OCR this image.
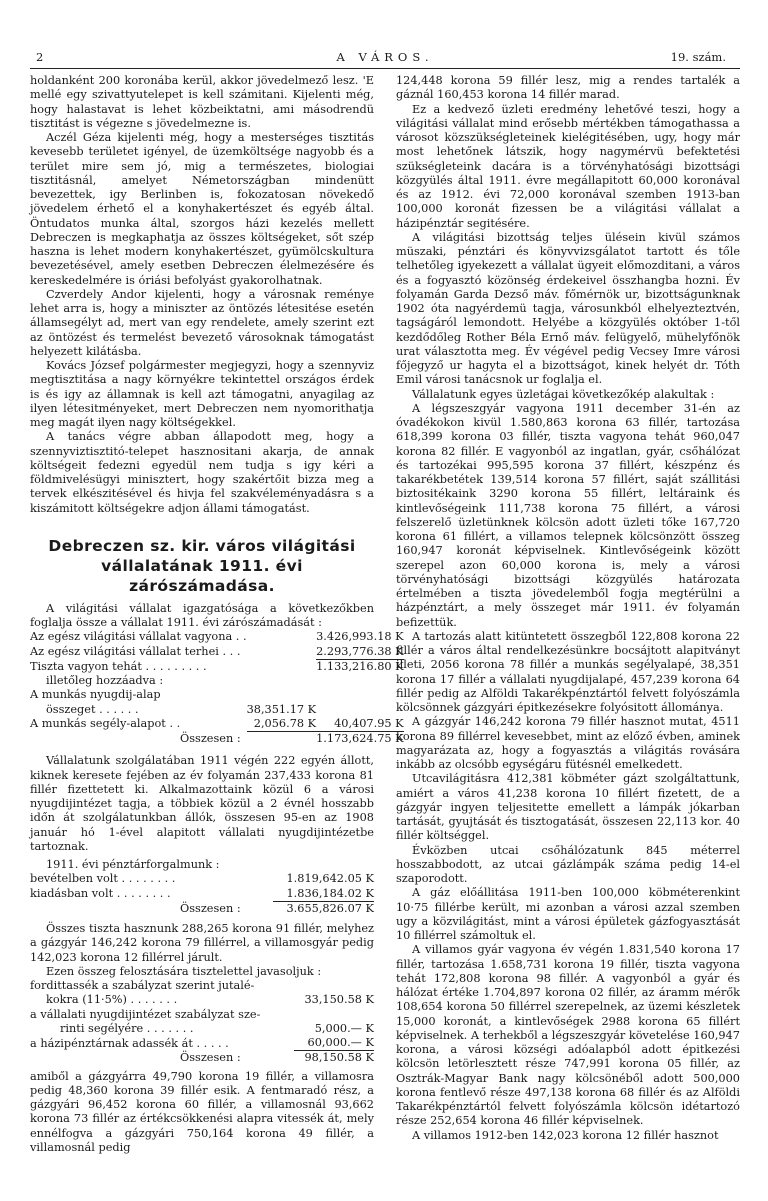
2	A VÁROS.	19. szám.

holdanként 200 koronába kerül, akkor jövedelmező lesz. 'E mellé egy szivattyutelepet is kell számitani. Kijelenti még, hogy halastavat is lehet közbeiktatni, ami másodrendü tisztitást is végezne s jövedelmezne is.

Aczél Géza kijelenti még, hogy a mesterséges tisztitás kevesebb területet igényel, de üzemköltsége nagyobb és a terület mire sem jó, mig a természetes, biologiai tisztitásnál, amelyet Németországban mindenütt bevezettek, igy Berlinben is, fokozatosan növekedő jövedelem érhető el a konyhakertészet és egyéb által. Öntudatos munka által, szorgos házi kezelés mellett Debreczen is megkaphatja az összes költségeket, sőt szép haszna is lehet modern konyhakertészet, gyümölcskultura bevezetésével, amely esetben Debreczen élelmezésére és kereskedelmére is óriási befolyást gyakorolhatnak.

Czverdely Andor kijelenti, hogy a városnak reménye lehet arra is, hogy a miniszter az öntözés létesitése esetén államsegélyt ad, mert van egy rendelete, amely szerint ezt az öntözést és termelést bevezető városoknak támogatást helyezett kilátásba.

Kovács József polgármester megjegyzi, hogy a szennyviz megtisztitása a nagy környékre tekintettel országos érdek is és igy az államnak is kell azt támogatni, anyagilag az ilyen létesitményeket, mert Debreczen nem nyomorithatja meg magát ilyen nagy költségekkel.

A tanács végre abban állapodott meg, hogy a szennyviztisztitó-telepet hasznositani akarja, de annak költségeit fedezni egyedül nem tudja s igy kéri a földmivelésügyi minisztert, hogy szakértőit bizza meg a tervek elkészitésével és hivja fel szakvéleményadásra s a kiszámitott költségekre adjon állami támogatást.

Debreczen sz. kir. város világitási vállalatának 1911. évi zárószámadása.

A világitási vállalat igazgatósága a következőkben foglalja össze a vállalat 1911. évi zárószámadását :

Az egész világitási vállalat vagyona . .		3.426,993.18 K
Az egész világitási vállalat terhei . . .		2.293,776.38 K
Tiszta vagyon tehát . . . . . . . . .		1.133,216.80 K
illetőleg hozzáadva :		
A munkás nyugdij-alap		
összeget . . . . . .	38,351.17 K	
A munkás segély-alapot . .	2,056.78 K	40,407.95 K
Összesen :		1.173,624.75 K

Vállalatunk szolgálatában 1911 végén 222 egyén állott, kiknek keresete fejében az év folyamán 237,433 korona 81 fillér fizettetett ki. Alkalmazottaink közül 6 a városi nyugdijintézet tagja, a többiek közül a 2 évnél hosszabb időn át szolgálatunkban állók, összesen 95-en az 1908 január hó 1-ével alapitott vállalati nyugdijintézetbe tartoznak.

1911. évi pénztárforgalmunk :

bevételben volt . . . . . . . .	1.819,642.05 K
kiadásban volt . . . . . . . .	1.836,184.02 K
Összesen :	3.655,826.07 K

Összes tiszta hasznunk 288,265 korona 91 fillér, melyhez a gázgyár 146,242 korona 79 fillérrel, a villamosgyár pedig 142,023 korona 12 fillérrel járult.

Ezen összeg felosztására tisztelettel javasoljuk :

fordittassék a szabályzat szerint jutalé-	
kokra (11·5%) . . . . . . .	33,150.58 K
a vállalati nyugdijintézet szabályzat sze-	
rinti segélyére . . . . . . .	5,000.— K
a házipénztárnak adassék át . . . . .	60,000.— K
Összesen :	98,150.58 K

amiből a gázgyárra 49,790 korona 19 fillér, a villamosra pedig 48,360 korona 39 fillér esik. A fentmaradó rész, a gázgyári 96,452 korona 60 fillér, a villamosnál 93,662 korona 73 fillér az értékcsökkenési alapra vitessék át, mely ennélfogva a gázgyári 750,164 korona 49 fillér, a villamosnál pedig

124,448 korona 59 fillér lesz, mig a rendes tartalék a gáznál 160,453 korona 14 fillér marad.

Ez a kedvező üzleti eredmény lehetővé teszi, hogy a világitási vállalat mind erősebb mértékben támogathassa a városot közszükségleteinek kielégitésében, ugy, hogy már most lehetőnek látszik, hogy nagymérvü befektetési szükségleteink dacára is a törvényhatósági bizottsági közgyülés által 1911. évre megállapitott 60,000 koronával és az 1912. évi 72,000 koronával szemben 1913-ban 100,000 koronát fizessen be a világitási vállalat a házipénztár segitésére.

A világitási bizottság teljes ülésein kivül számos müszaki, pénztári és könyvvizsgálatot tartott és tőle telhetőleg igyekezett a vállalat ügyeit előmozditani, a város és a fogyasztó közönség érdekeivel összhangba hozni. Év folyamán Garda Dezső máv. főmérnök ur, bizottságunknak 1902 óta nagyérdemü tagja, városunkból elhelyezteztvén, tagságáról lemondott. Helyébe a közgyülés október 1-től kezdődőleg Rother Béla Ernő máv. felügyelő, mühelyfőnök urat választotta meg. Év végével pedig Vecsey Imre városi főjegyző ur hagyta el a bizottságot, kinek helyét dr. Tóth Emil városi tanácsnok ur foglalja el.

Vállalatunk egyes üzletágai következőkép alakultak :

A légszeszgyár vagyona 1911 december 31-én az óvadékokon kivül 1.580,863 korona 63 fillér, tartozása 618,399 korona 03 fillér, tiszta vagyona tehát 960,047 korona 82 fillér. E vagyonból az ingatlan, gyár, csőhálózat és tartozékai 995,595 korona 37 fillért, készpénz és takarékbetétek 139,514 korona 57 fillért, saját szállitási biztositékaink 3290 korona 55 fillért, leltáraink és kintlevőségeink 111,738 korona 75 fillért, a városi felszerelő üzletünknek kölcsön adott üzleti tőke 167,720 korona 61 fillért, a villamos telepnek kölcsönzött összeg 160,947 koronát képviselnek. Kintlevőségeink között szerepel azon 60,000 korona is, mely a városi törvényhatósági bizottsági közgyülés határozata értelmében a tiszta jövedelemből fogja megtérülni a házpénztárt, a mely összeget már 1911. év folyamán befizettük.

A tartozás alatt kitüntetett összegből 122,808 korona 22 fillér a város által rendelkezésünkre bocsájtott alapitványt illeti, 2056 korona 78 fillér a munkás segélyalapé, 38,351 korona 17 fillér a vállalati nyugdijalapé, 457,239 korona 64 fillér pedig az Alföldi Takarékpénztártól felvett folyószámla kölcsönnek gázgyári épitkezésekre folyósitott állománya.

A gázgyár 146,242 korona 79 fillér hasznot mutat, 4511 korona 89 fillérrel kevesebbet, mint az előző évben, aminek magyarázata az, hogy a fogyasztás a világitás rovására inkább az olcsóbb egységáru fütésnél emelkedett.

Utcavilágitásra 412,381 köbméter gázt szolgáltattunk, amiért a város 41,238 korona 10 fillért fizetett, de a gázgyár ingyen teljesitette emellett a lámpák jókarban tartását, gyujtását és tisztogatását, összesen 22,113 kor. 40 fillér költséggel.

Évközben utcai csőhálózatunk 845 méterrel hosszabbodott, az utcai gázlámpák száma pedig 14-el szaporodott.

A gáz előállitása 1911-ben 100,000 köbméterenkint 10·75 fillérbe került, mi azonban a városi azzal szemben ugy a közvilágitást, mint a városi épületek gázfogyasztását 10 fillérrel számoltuk el.

A villamos gyár vagyona év végén 1.831,540 korona 17 fillér, tartozása 1.658,731 korona 19 fillér, tiszta vagyona tehát 172,808 korona 98 fillér. A vagyonból a gyár és hálózat értéke 1.704,897 korona 02 fillér, az áramm mérők 108,654 korona 50 fillérrel szerepelnek, az üzemi készletek 15,000 koronát, a kintlevőségek 2988 korona 65 fillért képviselnek. A terhekből a légszeszgyár követelése 160,947 korona, a városi községi adóalapból adott épitkezési kölcsön letörlesztett része 747,991 korona 05 fillér, az Osztrák-Magyar Bank nagy kölcsönéből adott 500,000 korona fentlevő része 497,138 korona 68 fillér és az Alföldi Takarékpénztártól felvett folyószámla kölcsön idétartozó része 252,654 korona 46 fillér képviselnek.

A villamos 1912-ben 142,023 korona 12 fillér hasznot
